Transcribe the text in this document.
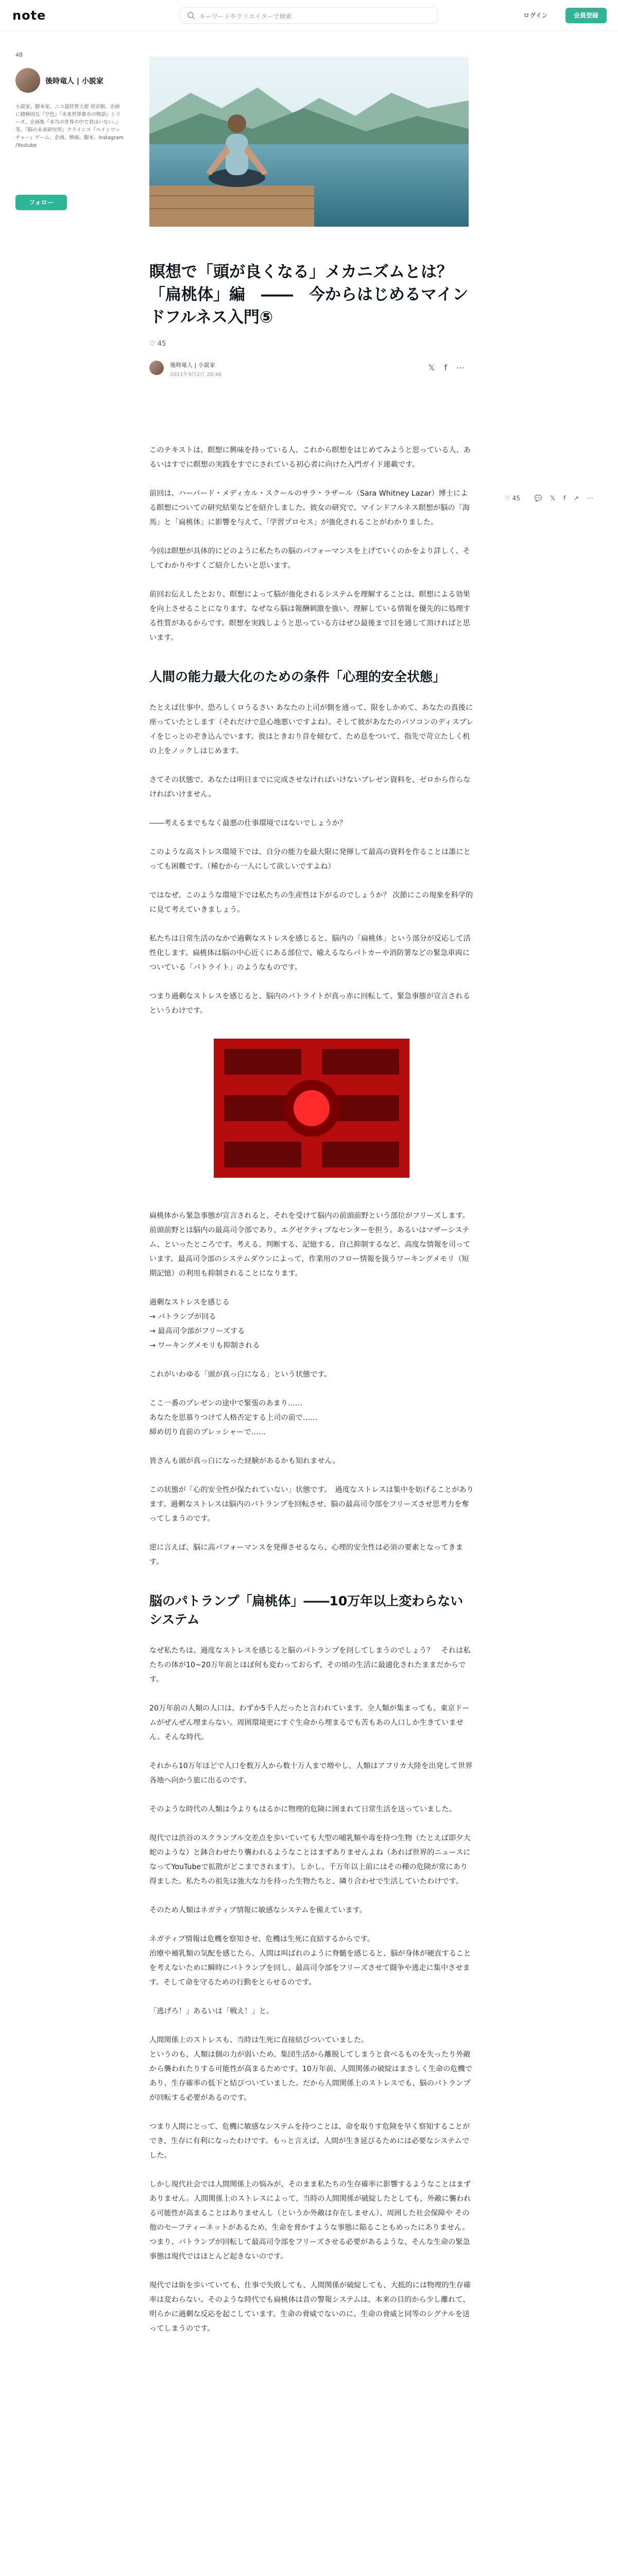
note	キーワードやクリエイターで検索	ログイン	会員登録
48
後時竜人 | 小説家
小説家。脚本家。ニコ超世界大使 初音館。企画に積極的な『空色』『未来世界都市の物語』シリーズ。企画集『本当の世界の中で君はいない。』等。『脳の未来研究所』クライシス『ペインワッチャー』ゲーム、企画、映画。脚本。Instagram /Youtube
フォロー
瞑想で「頭が良くなる」メカニズムとは？「扁桃体」編　――　今からはじめるマインドフルネス入門⑤
♡ 45
後時竜人 | 小説家
2021年9月2日 20:46
𝕏f⋯
♡ 45 💬 𝕏 f ↗ ⋯

このテキストは、瞑想に興味を持っている人、これから瞑想をはじめてみようと思っている人、あるいはすでに瞑想の実践をすでにされている初心者に向けた入門ガイド連載です。

前回は、ハーバード・メディカル・スクールのサラ・ラザール（Sara Whitney Lazar）博士による瞑想についての研究結果などを紹介しました。彼女の研究で、マインドフルネス瞑想が脳の「海馬」と「扁桃体」に影響を与えて、「学習プロセス」が強化されることがわかりました。

今回は瞑想が具体的にどのように私たちの脳のパフォーマンスを上げていくのかをより詳しく、そしてわかりやすくご紹介したいと思います。

前回お伝えしたとおり、瞑想によって脳が強化されるシステムを理解することは、瞑想による効果を向上させることになります。なぜなら脳は報酬刺激を強い、理解している情報を優先的に処理する性質があるからです。瞑想を実践しようと思っている方はぜひ最後まで目を通して頂ければと思います。

人間の能力最大化のための条件「心理的安全状態」

たとえば仕事中、恐ろしくロうるさい あなたの上司が側を通って、限をしかめて、あなたの真後に座っていたとします（それだけで息心地悪いですよね）。そして彼があなたのパソコンのディスプレイをじっとのぞき込んでいます。彼はときおり首を傾むて、ため息をついて、指先で苛立たしく机の上をノックしはじめます。

さてその状態で、あなたは明日までに完成させなければいけないプレゼン資料を、ゼロから作らなければいけません。

――考えるまでもなく最悪の仕事環境ではないでしょうか？

このような高ストレス環境下では、自分の能力を最大限に発揮して最高の資料を作ることは誰にとっても困難です。（稀むから一人にして欲しいですよね）

ではなぜ、このような環境下では私たちの生産性は下がるのでしょうか？ 次節にこの現象を科学的に見て考えていきましょう。

私たちは日常生活のなかで過剰なストレスを感じると、脳内の「扁桃体」という部分が反応して活性化します。扁桃体は脳の中心近くにある部位で、喩えるならパトカーや消防署などの緊急車両についている「パトライト」のようなものです。

つまり過剰なストレスを感じると、脳内のパトライトが真っ赤に回転して、緊急事態が宣言されるというわけです。

扁桃体から緊急事態が宣言されると、それを受けて脳内の前頭前野という部位がフリーズします。前頭前野とは脳内の最高司令部であり、エグゼクティブなセンターを担う。あるいはマザーシステム、といったところです。考える、判断する、記憶する、自己抑制するなど、高度な情報を司っています。最高司令部のシステムダウンによって、作業用のフロー情報を扱うワーキングメモリ（短期記憶）の利用も抑制されることになります。

過剰なストレスを感じる
→ パトランプが回る
→ 最高司令部がフリーズする
→ ワーキングメモリも抑制される

これがいわゆる「頭が真っ白になる」という状態です。

ここ一番のプレゼンの途中で緊張のあまり……
あなたを思慕りつけて人格否定する上司の前で……
締め切り直前のプレッシャーで……

皆さんも頭が真っ白になった経験があるかも知れません。

この状態が「心的安全性が保たれていない」状態です。　過度なストレスは集中を妨げることがあります。過剰なストレスは脳内のパトランプを回転させ、脳の最高司令部をフリーズさせ思考力を奪ってしまうのです。

逆に言えば、脳に高パフォーマンスを発揮させるなら、心理的安全性は必須の要素となってきます。

脳のパトランプ「扁桃体」――10万年以上変わらないシステム

なぜ私たちは、過度なストレスを感じると脳のパトランプを回してしまうのでしょう？　それは私たちの体が10~20万年前とほぼ何も変わっておらず、その頃の生活に最適化されたままだからです。

20万年前の人類の人口は、わずか5千人だったと言われています。全人類が集まっても、東京ドームがぜんぜん埋まらない。周囲環境更にすぐ生命から埋まるでも苦もあの人口しか生きていません。そんな時代。

それから10万年ほどで人口を数万人から数十万人まで増やし、人類はアフリカ大陸を出発して世界各地へ向かう旅に出るのです。

そのような時代の人類は今よりもはるかに物理的危険に囲まれて日常生活を送っていました。

現代では渋谷のスクランブル交差点を歩いていても大型の哺乳類や毒を持つ生物（たとえば即夕大蛇のような）と鉢合わせたり襲われるようなことはまずありませんよね（あれば世界的ニュースになってYouTubeで拡散がどこまでされます）。しかし、千万年以上前にはその種の危険が常にあり得ました。私たちの祖先は強大な力を持った生物たちと、隣り合わせで生活していたわけです。

そのため人類はネガティブ情報に敏感なシステムを備えています。

ネガティブ情報は危機を察知させ、危機は生死に直結するからです。
治療や補乳類の気配を感じたら、人間は叫ばれのように脊髄を感じると、脳が身体が硬直することを考えないために瞬時にパトランプを回し、最高司令部をフリーズさせて闘争や逃走に集中させます。そして命を守るための行動をとらせるのです。

「逃げろ！」あるいは「戦え！」と。

人間関係上のストレスも、当時は生死に直接結びついていました。
というのも、人類は個の力が弱いため、集団生活から離脱してしまうと食べるものを失ったり外敵から襲われたりする可能性が高まるためです。10万年前、人間関係の破綻はまさしく生命の危機であり、生存確率の低下と結びついていました。だから人間関係上のストレスでも、脳のパトランプが回転する必要があるのです。

つまり人間にとって、危機に敏感なシステムを持つことは、命を取りす危険を早く察知することができ、生存に有利になったわけです。もっと言えば、人間が生き延びるためには必要なシステムでした。

しかし現代社会では人間関係上の悩みが、そのまま私たちの生存確率に影響するようなことはまずありません。人間関係上のストレスによって、当時の人間関係が破綻したとしても、外敵に襲われる可能性が高まることはありませんし（というか外敵は存在しません）、周囲した社会保障や その他のセーフティーネットがあるため、生命を脅かすような事態に陥ることもめったにありません。
つまり、パトランプが回転して最高司令部をフリーズさせる必要があるような、そんな生命の緊急事態は現代ではほとんど起きないのです。

現代では街を歩いていても、仕事で失敗しても、人間関係が破綻しても、大抵的には物理的生存確率は変わらない。そのような時代でも扁桃体は昔の警報システムは、本来の目的から少し離れて、明らかに過剰な反応を起こしています。生命の脅威でないのに、生命の脅威と同等のシグナルを送ってしまうのです。
